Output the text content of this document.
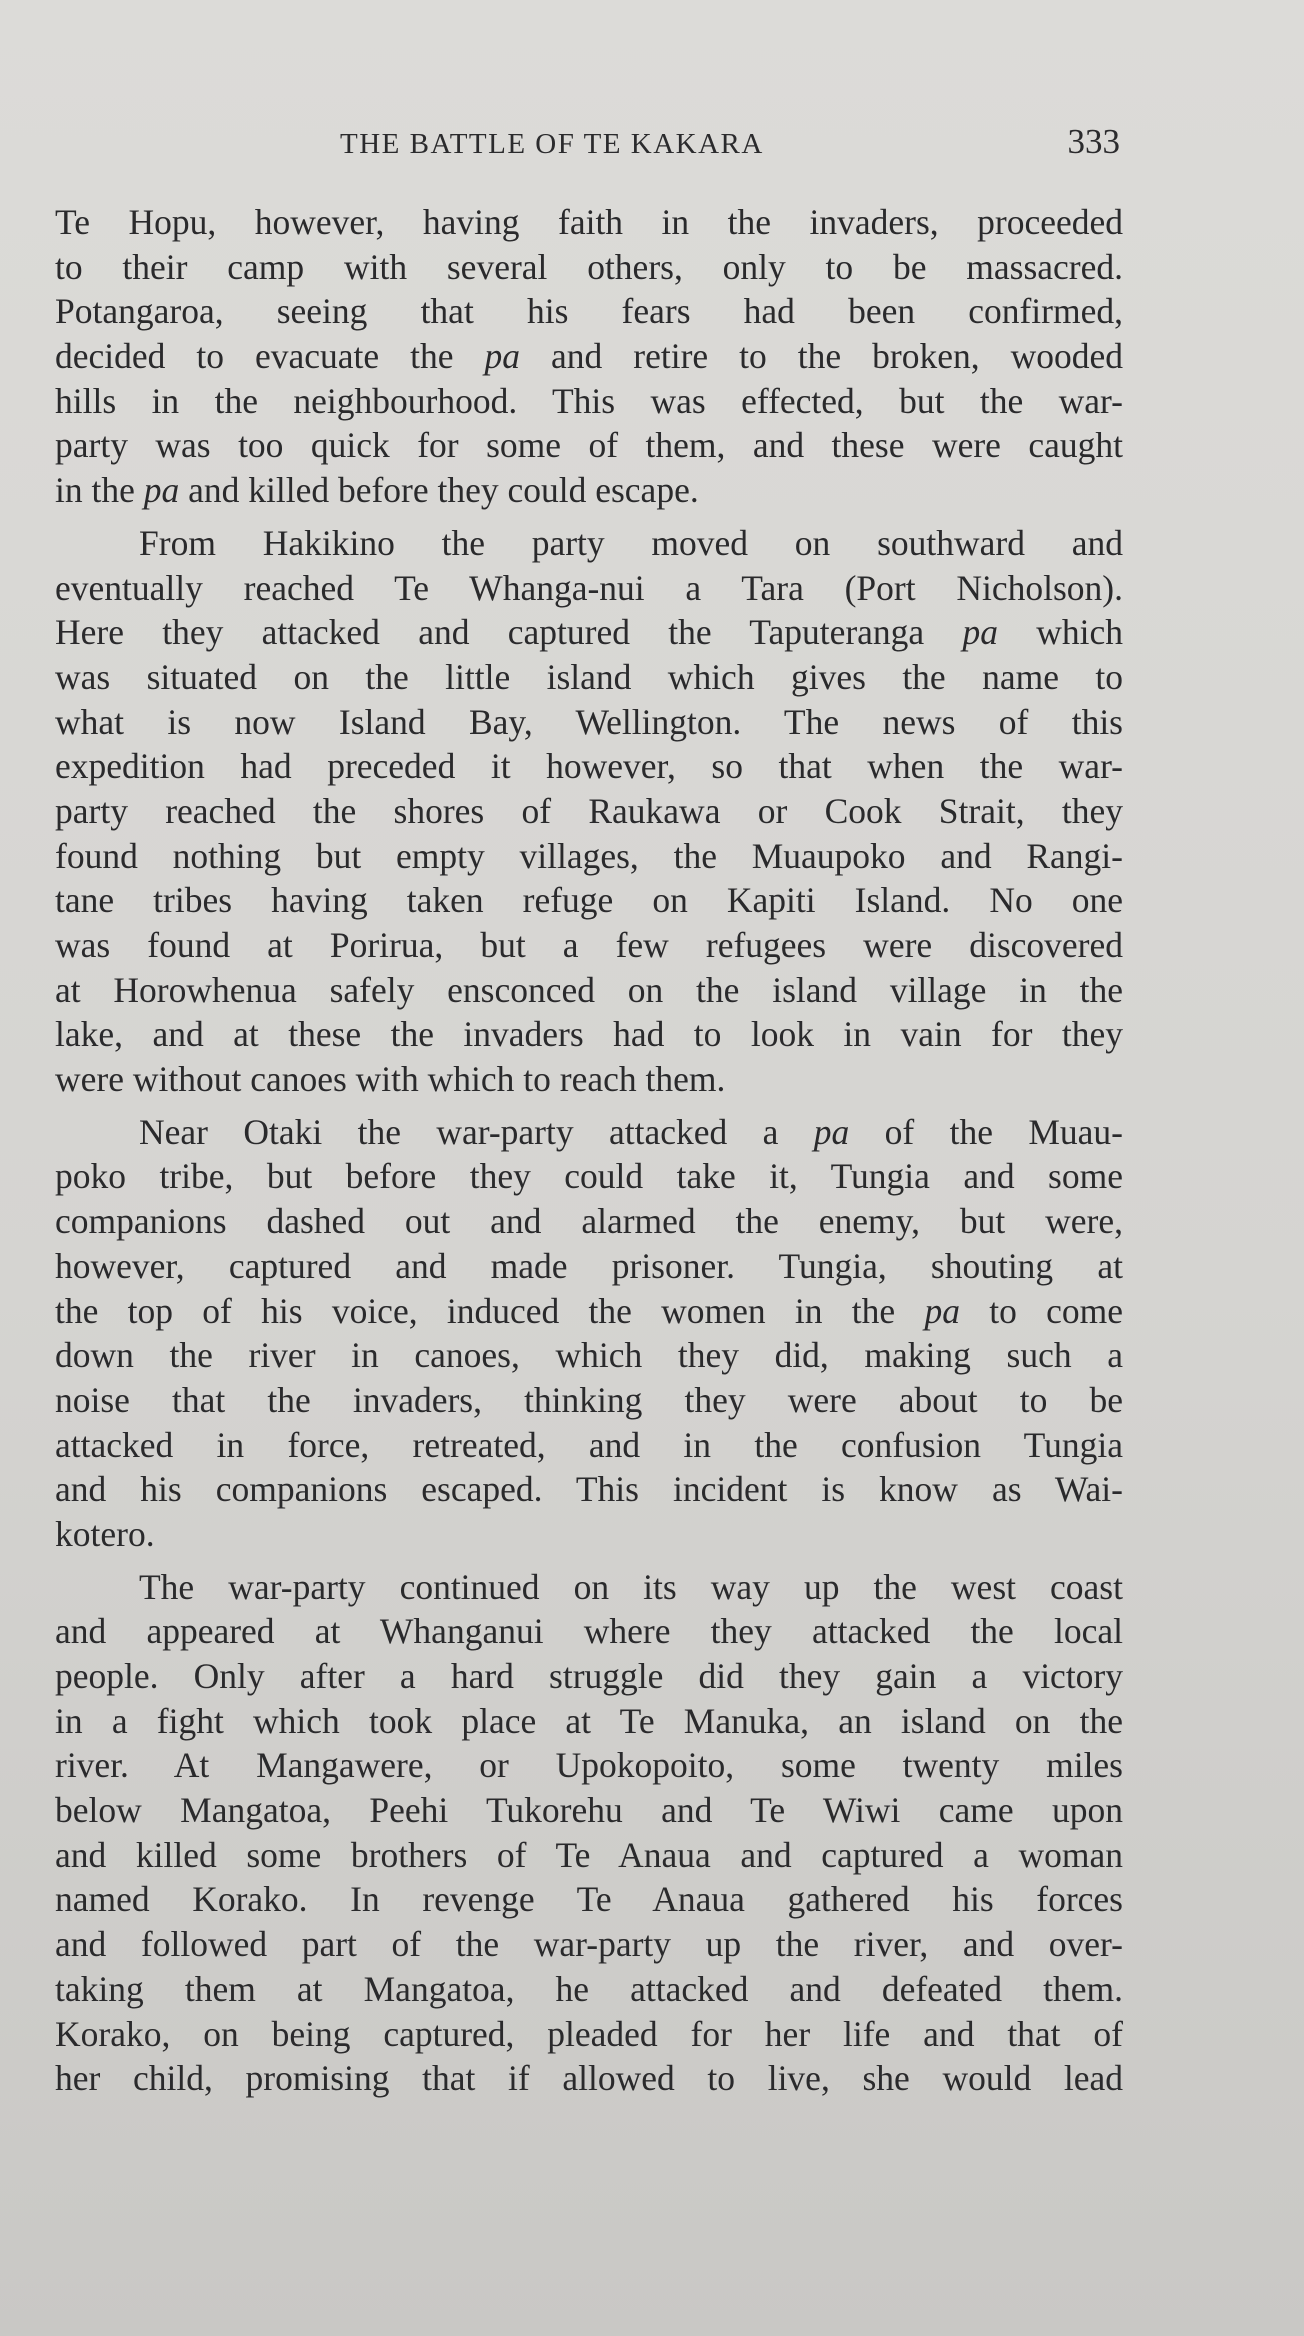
THE BATTLE OF TE KAKARA	333
Te Hopu, however, having faith in the invaders, proceeded
to their camp with several others, only to be massacred.
Potangaroa, seeing that his fears had been confirmed,
decided to evacuate the pa and retire to the broken, wooded
hills in the neighbourhood. This was effected, but the war-
party was too quick for some of them, and these were caught
in the pa and killed before they could escape.
From Hakikino the party moved on southward and
eventually reached Te Whanga-nui a Tara (Port Nicholson).
Here they attacked and captured the Taputeranga pa which
was situated on the little island which gives the name to
what is now Island Bay, Wellington. The news of this
expedition had preceded it however, so that when the war-
party reached the shores of Raukawa or Cook Strait, they
found nothing but empty villages, the Muaupoko and Rangi-
tane tribes having taken refuge on Kapiti Island. No one
was found at Porirua, but a few refugees were discovered
at Horowhenua safely ensconced on the island village in the
lake, and at these the invaders had to look in vain for they
were without canoes with which to reach them.
Near Otaki the war-party attacked a pa of the Muau-
poko tribe, but before they could take it, Tungia and some
companions dashed out and alarmed the enemy, but were,
however, captured and made prisoner. Tungia, shouting at
the top of his voice, induced the women in the pa to come
down the river in canoes, which they did, making such a
noise that the invaders, thinking they were about to be
attacked in force, retreated, and in the confusion Tungia
and his companions escaped. This incident is know as Wai-
kotero.
The war-party continued on its way up the west coast
and appeared at Whanganui where they attacked the local
people. Only after a hard struggle did they gain a victory
in a fight which took place at Te Manuka, an island on the
river. At Mangawere, or Upokopoito, some twenty miles
below Mangatoa, Peehi Tukorehu and Te Wiwi came upon
and killed some brothers of Te Anaua and captured a woman
named Korako. In revenge Te Anaua gathered his forces
and followed part of the war-party up the river, and over-
taking them at Mangatoa, he attacked and defeated them.
Korako, on being captured, pleaded for her life and that of
her child, promising that if allowed to live, she would lead
